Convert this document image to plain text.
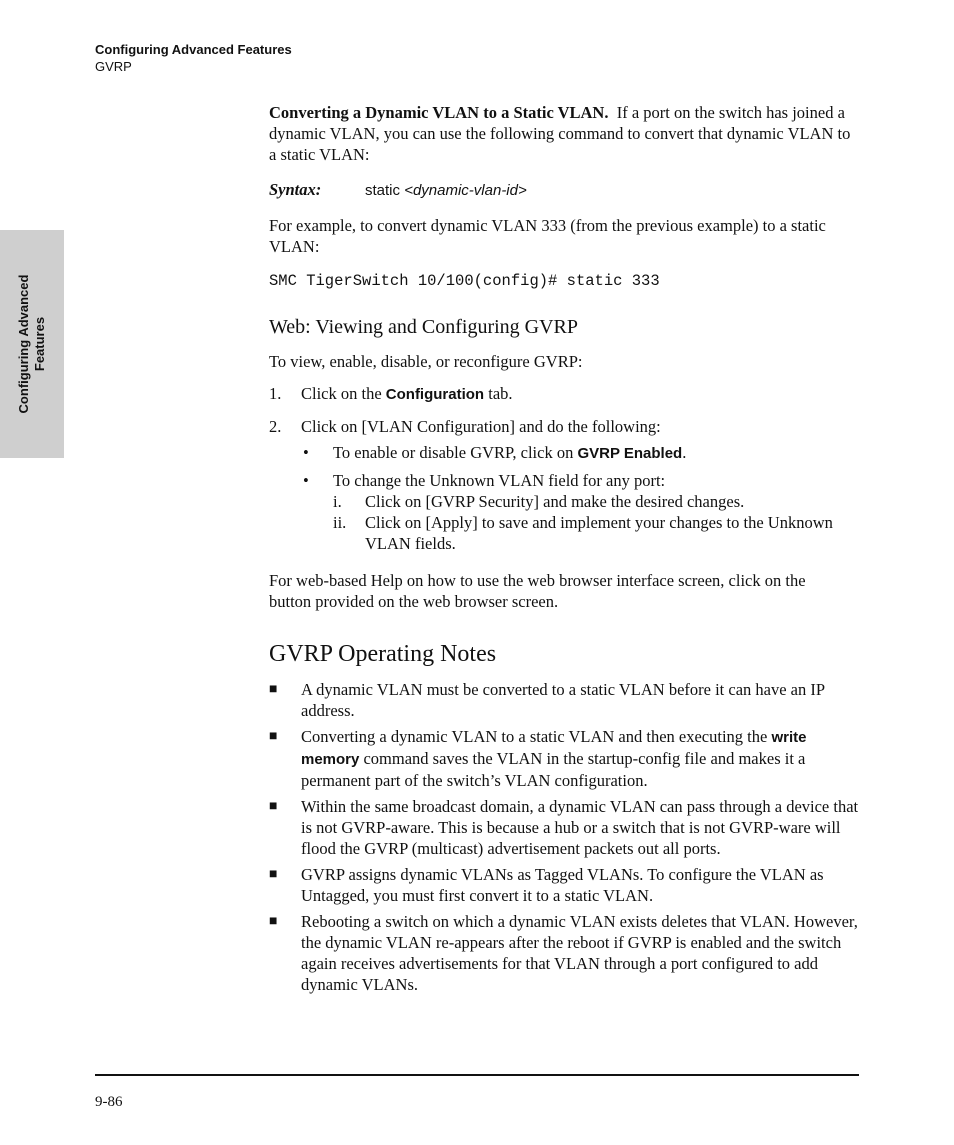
Configuring Advanced Features
GVRP
Configuring Advanced Features

Converting a Dynamic VLAN to a Static VLAN. If a port on the switch has joined a dynamic VLAN, you can use the following command to convert that dynamic VLAN to a static VLAN:

Syntax:	static <dynamic-vlan-id>

For example, to convert dynamic VLAN 333 (from the previous example) to a static VLAN:

SMC TigerSwitch 10/100(config)# static 333
Web: Viewing and Configuring GVRP

To view, enable, disable, or reconfigure GVRP:

1. Click on the Configuration tab.
2. Click on [VLAN Configuration] and do the following:
• To enable or disable GVRP, click on GVRP Enabled.
• To change the Unknown VLAN field for any port:
i. Click on [GVRP Security] and make the desired changes.
ii. Click on [Apply] to save and implement your changes to the Unknown VLAN fields.

For web-based Help on how to use the web browser interface screen, click on thebutton provided on the web browser screen.

GVRP Operating Notes
■ A dynamic VLAN must be converted to a static VLAN before it can have an IP address.
■ Converting a dynamic VLAN to a static VLAN and then executing the write memory command saves the VLAN in the startup-config file and makes it a permanent part of the switch’s VLAN configuration.
■ Within the same broadcast domain, a dynamic VLAN can pass through a device that is not GVRP-aware. This is because a hub or a switch that is not GVRP-ware will flood the GVRP (multicast) advertisement packets out all ports.
■ GVRP assigns dynamic VLANs as Tagged VLANs. To configure the VLAN as Untagged, you must first convert it to a static VLAN.
■ Rebooting a switch on which a dynamic VLAN exists deletes that VLAN. However, the dynamic VLAN re-appears after the reboot if GVRP is enabled and the switch again receives advertisements for that VLAN through a port configured to add dynamic VLANs.
9-86
